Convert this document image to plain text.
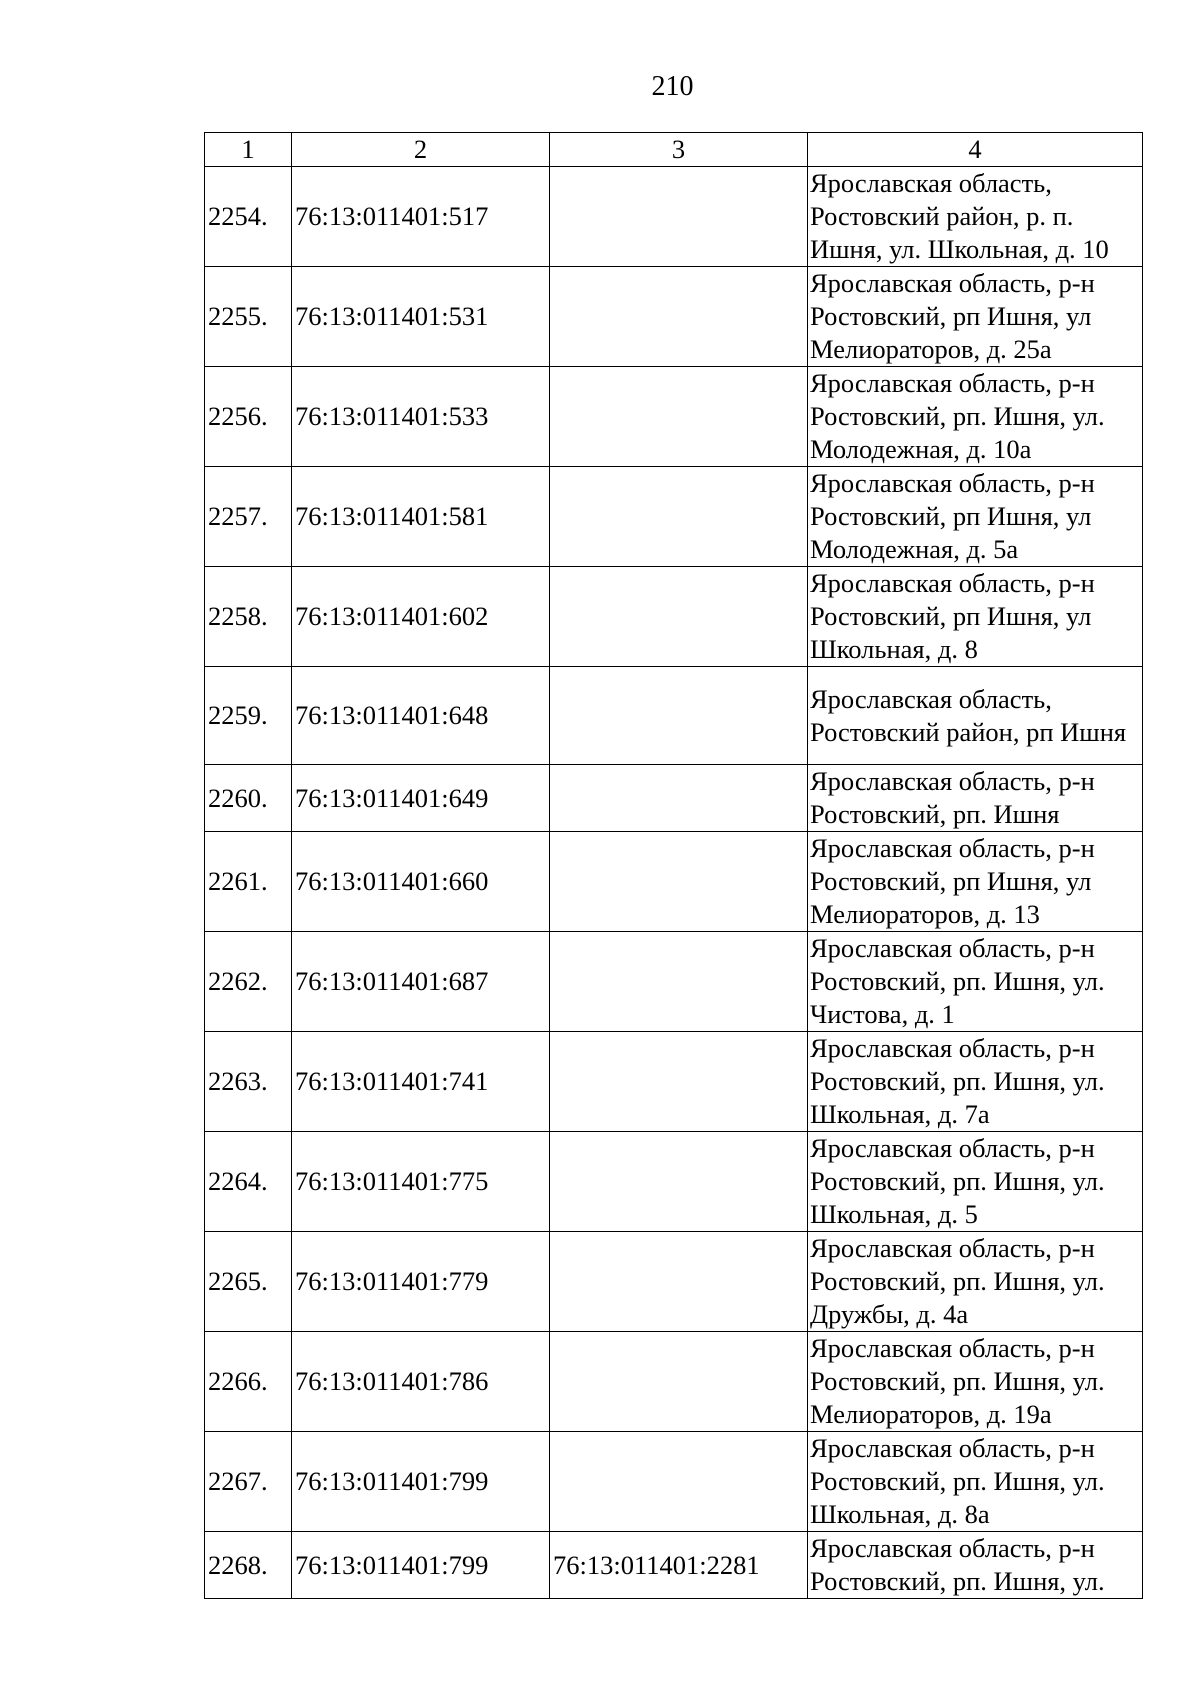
210
1	2	3	4
2254.	76:13:011401:517		Ярославская область, Ростовский район, р. п. Ишня, ул. Школьная, д. 10
2255.	76:13:011401:531		Ярославская область, р-н Ростовский, рп Ишня, ул Мелиораторов, д. 25а
2256.	76:13:011401:533		Ярославская область, р-н Ростовский, рп. Ишня, ул. Молодежная, д. 10а
2257.	76:13:011401:581		Ярославская область, р-н Ростовский, рп Ишня, ул Молодежная, д. 5а
2258.	76:13:011401:602		Ярославская область, р-н Ростовский, рп Ишня, ул Школьная, д. 8
2259.	76:13:011401:648		Ярославская область, Ростовский район, рп Ишня
2260.	76:13:011401:649		Ярославская область, р-н Ростовский, рп. Ишня
2261.	76:13:011401:660		Ярославская область, р-н Ростовский, рп Ишня, ул Мелиораторов, д. 13
2262.	76:13:011401:687		Ярославская область, р-н Ростовский, рп. Ишня, ул. Чистова, д. 1
2263.	76:13:011401:741		Ярославская область, р-н Ростовский, рп. Ишня, ул. Школьная, д. 7а
2264.	76:13:011401:775		Ярославская область, р-н Ростовский, рп. Ишня, ул. Школьная, д. 5
2265.	76:13:011401:779		Ярославская область, р-н Ростовский, рп. Ишня, ул. Дружбы, д. 4а
2266.	76:13:011401:786		Ярославская область, р-н Ростовский, рп. Ишня, ул. Мелиораторов, д. 19а
2267.	76:13:011401:799		Ярославская область, р-н Ростовский, рп. Ишня, ул. Школьная, д. 8а
2268.	76:13:011401:799	76:13:011401:2281	Ярославская область, р-н Ростовский, рп. Ишня, ул.
